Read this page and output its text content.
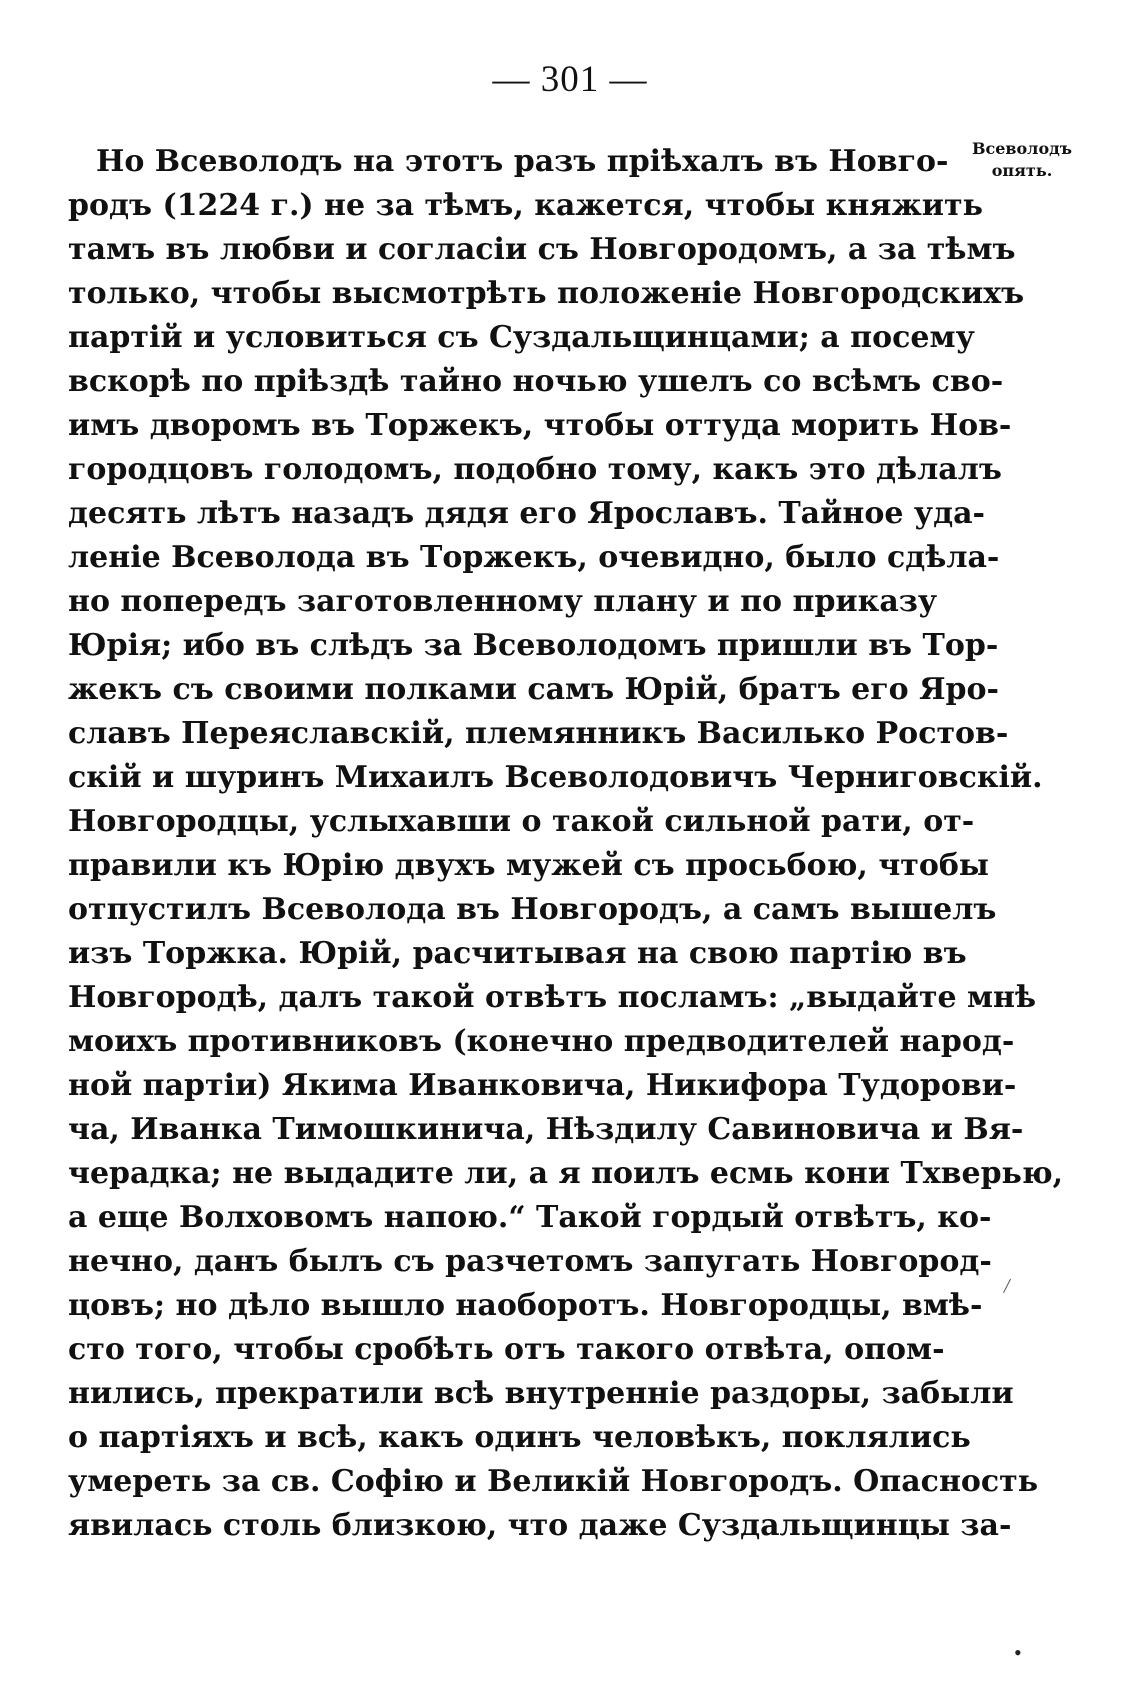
— 301 —
Всеволодъ
опять.
Но Всеволодъ на этотъ разъ пріѣхалъ въ Новго-
родъ (1224 г.) не за тѣмъ, кажется, чтобы княжить
тамъ въ любви и согласіи съ Новгородомъ, а за тѣмъ
только, чтобы высмотрѣть положеніе Новгородскихъ
партій и условиться съ Суздальщинцами; а посему
вскорѣ по пріѣздѣ тайно ночью ушелъ со всѣмъ сво-
имъ дворомъ въ Торжекъ, чтобы оттуда морить Нов-
городцовъ голодомъ, подобно тому, какъ это дѣлалъ
десять лѣтъ назадъ дядя его Ярославъ. Тайное уда-
леніе Всеволода въ Торжекъ, очевидно, было сдѣла-
но попередъ заготовленному плану и по приказу
Юрія; ибо въ слѣдъ за Всеволодомъ пришли въ Тор-
жекъ съ своими полками самъ Юрій, братъ его Яро-
славъ Переяславскій, племянникъ Василько Ростов-
скій и шуринъ Михаилъ Всеволодовичъ Черниговскій.
Новгородцы, услыхавши о такой сильной рати, от-
правили къ Юрію двухъ мужей съ просьбою, чтобы
отпустилъ Всеволода въ Новгородъ, а самъ вышелъ
изъ Торжка. Юрій, расчитывая на свою партію въ
Новгородѣ, далъ такой отвѣтъ посламъ: „выдайте мнѣ
моихъ противниковъ (конечно предводителей народ-
ной партіи) Якима Иванковича, Никифора Тудорови-
ча, Иванка Тимошкинича, Нѣздилу Савиновича и Вя-
черадка; не выдадите ли, а я поилъ есмь кони Тхверью,
а еще Волховомъ напою.“ Такой гордый отвѣтъ, ко-
нечно, данъ былъ съ разчетомъ запугать Новгород-
цовъ; но дѣло вышло наоборотъ. Новгородцы, вмѣ-
сто того, чтобы сробѣть отъ такого отвѣта, опом-
нились, прекратили всѣ внутренніе раздоры, забыли
о партіяхъ и всѣ, какъ одинъ человѣкъ, поклялись
умереть за св. Софію и Великій Новгородъ. Опасность
явилась столь близкою, что даже Суздальщинцы за-
/
•
